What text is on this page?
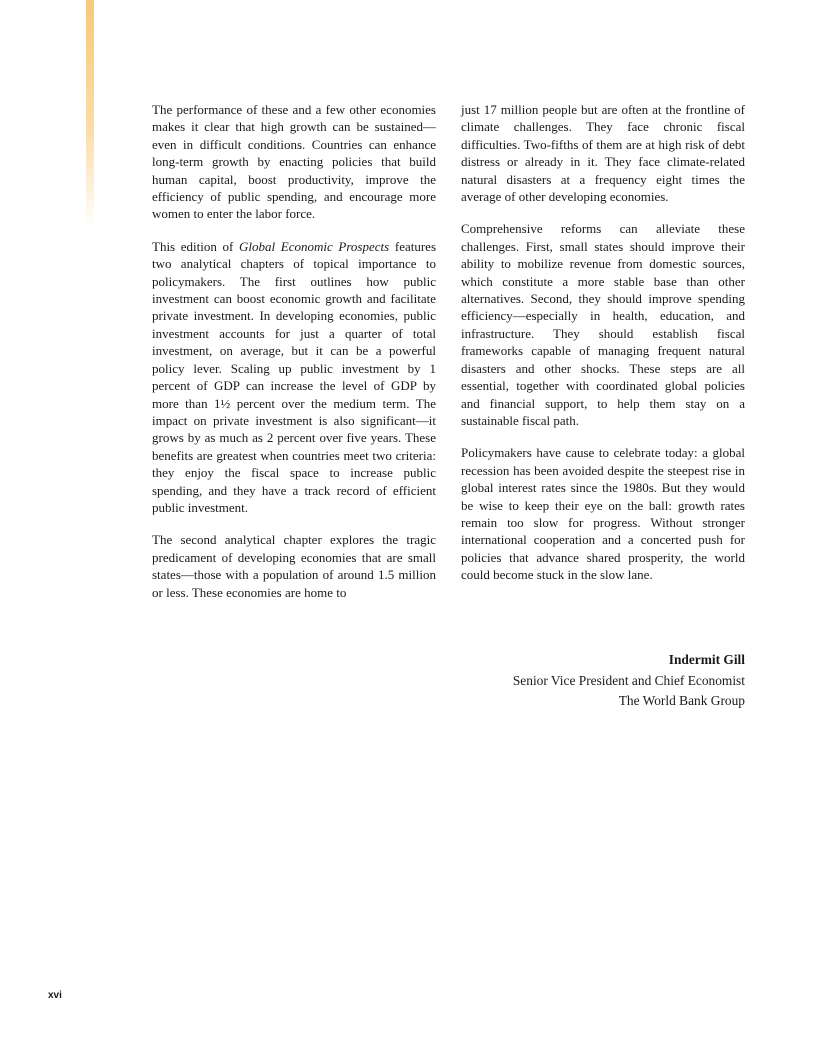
The performance of these and a few other economies makes it clear that high growth can be sustained—even in difficult conditions. Countries can enhance long-term growth by enacting policies that build human capital, boost productivity, improve the efficiency of public spending, and encourage more women to enter the labor force.

This edition of Global Economic Prospects features two analytical chapters of topical importance to policymakers. The first outlines how public investment can boost economic growth and facilitate private investment. In developing economies, public investment accounts for just a quarter of total investment, on average, but it can be a powerful policy lever. Scaling up public investment by 1 percent of GDP can increase the level of GDP by more than 1½ percent over the medium term. The impact on private investment is also significant—it grows by as much as 2 percent over five years. These benefits are greatest when countries meet two criteria: they enjoy the fiscal space to increase public spending, and they have a track record of efficient public investment.

The second analytical chapter explores the tragic predicament of developing economies that are small states—those with a population of around 1.5 million or less. These economies are home to

just 17 million people but are often at the frontline of climate challenges. They face chronic fiscal difficulties. Two-fifths of them are at high risk of debt distress or already in it. They face climate-related natural disasters at a frequency eight times the average of other developing economies.

Comprehensive reforms can alleviate these challenges. First, small states should improve their ability to mobilize revenue from domestic sources, which constitute a more stable base than other alternatives. Second, they should improve spending efficiency—especially in health, education, and infrastructure. They should establish fiscal frameworks capable of managing frequent natural disasters and other shocks. These steps are all essential, together with coordinated global policies and financial support, to help them stay on a sustainable fiscal path.

Policymakers have cause to celebrate today: a global recession has been avoided despite the steepest rise in global interest rates since the 1980s. But they would be wise to keep their eye on the ball: growth rates remain too slow for progress. Without stronger international cooperation and a concerted push for policies that advance shared prosperity, the world could become stuck in the slow lane.

Indermit Gill
Senior Vice President and Chief Economist
The World Bank Group
xvi
